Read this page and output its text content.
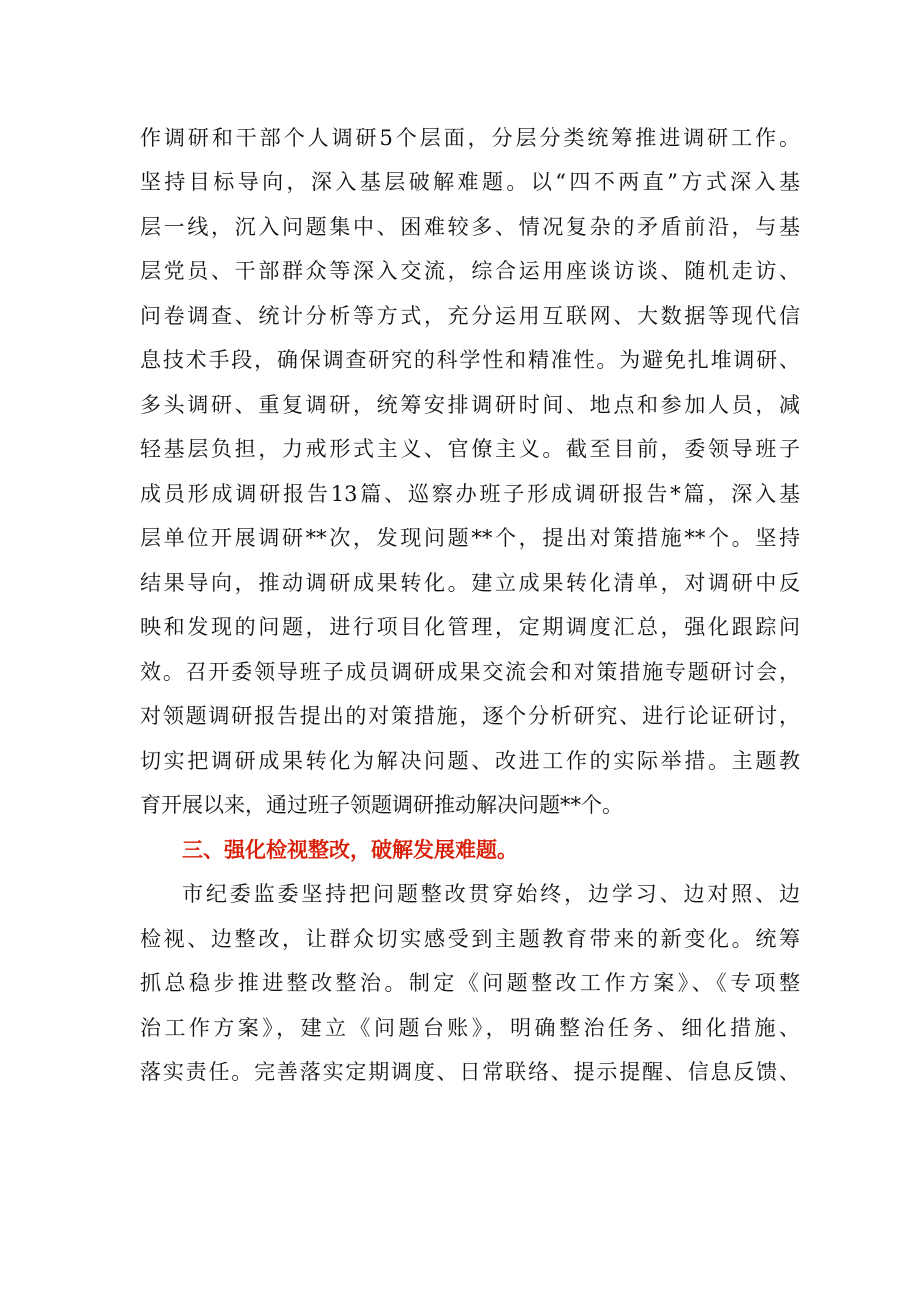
作调研和干部个人调研5个层面，分层分类统筹推进调研工作。
坚持目标导向，深入基层破解难题。以“四不两直”方式深入基
层一线，沉入问题集中、困难较多、情况复杂的矛盾前沿，与基
层党员、干部群众等深入交流，综合运用座谈访谈、随机走访、
问卷调查、统计分析等方式，充分运用互联网、大数据等现代信
息技术手段，确保调查研究的科学性和精准性。为避免扎堆调研、
多头调研、重复调研，统筹安排调研时间、地点和参加人员，减
轻基层负担，力戒形式主义、官僚主义。截至目前，委领导班子
成员形成调研报告13篇、巡察办班子形成调研报告*篇，深入基
层单位开展调研**次，发现问题**个，提出对策措施**个。坚持
结果导向，推动调研成果转化。建立成果转化清单，对调研中反
映和发现的问题，进行项目化管理，定期调度汇总，强化跟踪问
效。召开委领导班子成员调研成果交流会和对策措施专题研讨会，
对领题调研报告提出的对策措施，逐个分析研究、进行论证研讨，
切实把调研成果转化为解决问题、改进工作的实际举措。主题教
育开展以来，通过班子领题调研推动解决问题**个。
三、强化检视整改，破解发展难题。
市纪委监委坚持把问题整改贯穿始终，边学习、边对照、边
检视、边整改，让群众切实感受到主题教育带来的新变化。统筹
抓总稳步推进整改整治。制定《问题整改工作方案》、《专项整
治工作方案》，建立《问题台账》，明确整治任务、细化措施、
落实责任。完善落实定期调度、日常联络、提示提醒、信息反馈、
